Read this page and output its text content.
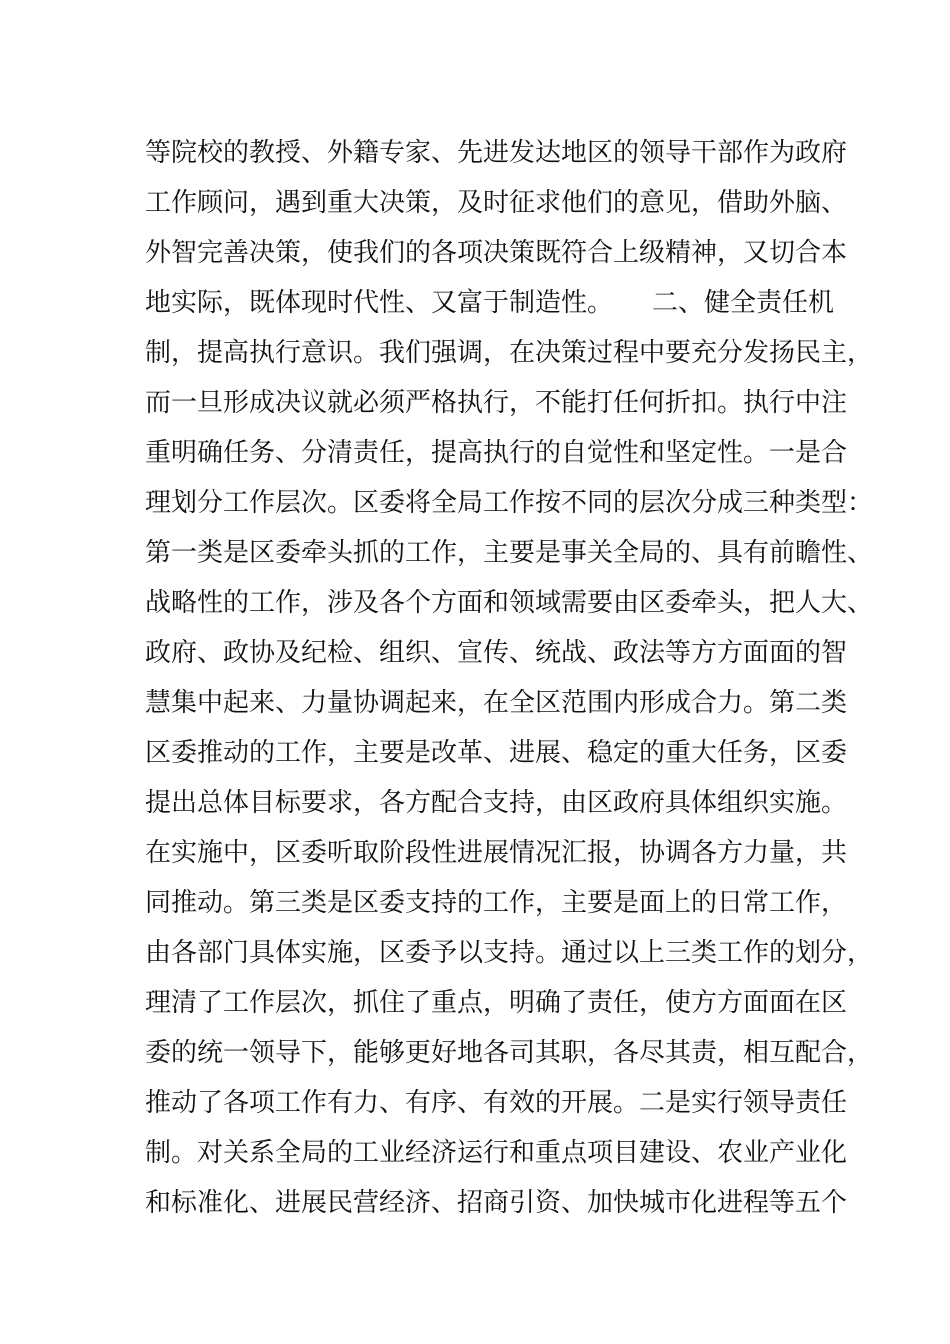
等院校的教授、外籍专家、先进发达地区的领导干部作为政府
工作顾问，遇到重大决策，及时征求他们的意见，借助外脑、
外智完善决策，使我们的各项决策既符合上级精神，又切合本
地实际，既体现时代性、又富于制造性。　　二、健全责任机
制，提高执行意识。我们强调，在决策过程中要充分发扬民主，
而一旦形成决议就必须严格执行，不能打任何折扣。执行中注
重明确任务、分清责任，提高执行的自觉性和坚定性。一是合
理划分工作层次。区委将全局工作按不同的层次分成三种类型：
第一类是区委牵头抓的工作，主要是事关全局的、具有前瞻性、
战略性的工作，涉及各个方面和领域需要由区委牵头，把人大、
政府、政协及纪检、组织、宣传、统战、政法等方方面面的智
慧集中起来、力量协调起来，在全区范围内形成合力。第二类
区委推动的工作，主要是改革、进展、稳定的重大任务，区委
提出总体目标要求，各方配合支持，由区政府具体组织实施。
在实施中，区委听取阶段性进展情况汇报，协调各方力量，共
同推动。第三类是区委支持的工作，主要是面上的日常工作，
由各部门具体实施，区委予以支持。通过以上三类工作的划分，
理清了工作层次，抓住了重点，明确了责任，使方方面面在区
委的统一领导下，能够更好地各司其职，各尽其责，相互配合，
推动了各项工作有力、有序、有效的开展。二是实行领导责任
制。对关系全局的工业经济运行和重点项目建设、农业产业化
和标准化、进展民营经济、招商引资、加快城市化进程等五个
